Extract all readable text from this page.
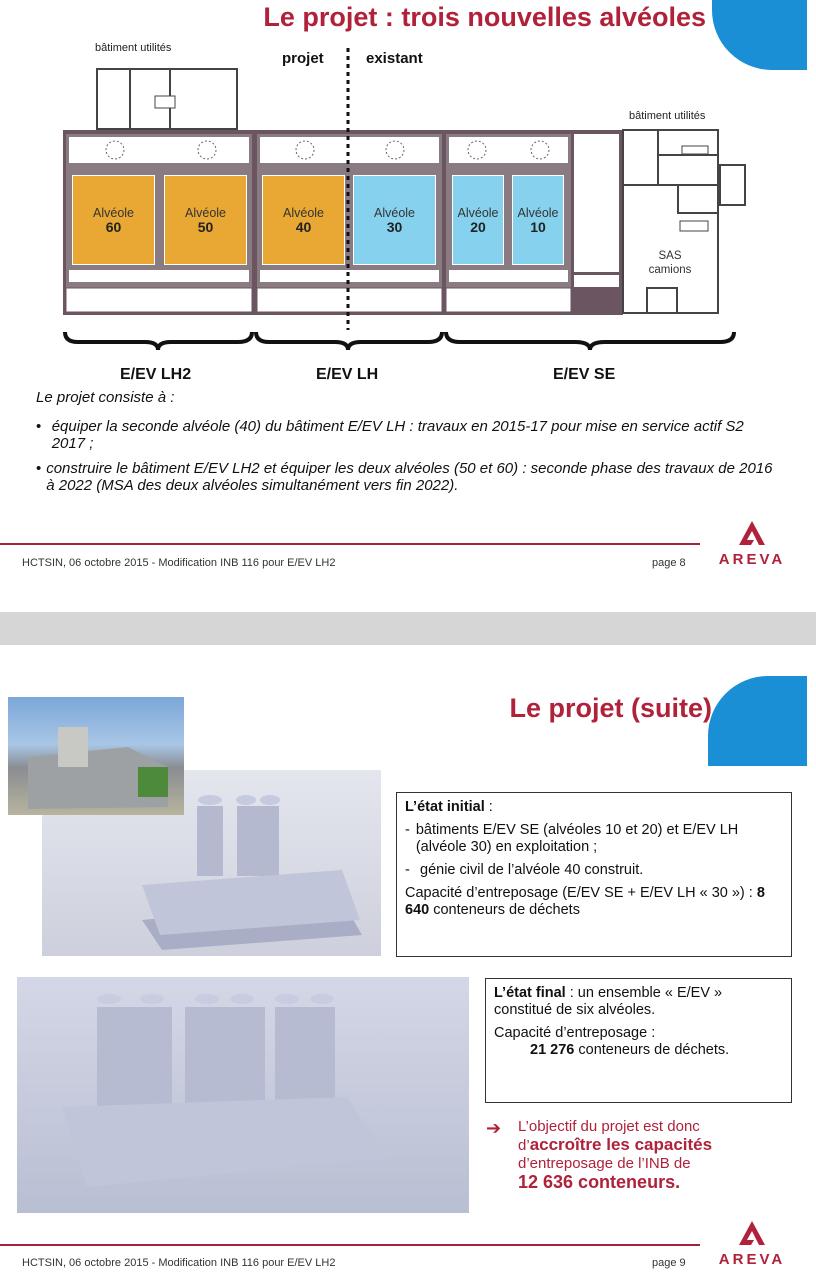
Le projet : trois nouvelles alvéoles
bâtiment utilités
bâtiment utilités
projet	existant
SAS
camions
Alvéole
60
Alvéole
50
Alvéole
40
Alvéole
30
Alvéole
20
Alvéole
10
E/EV LH2	E/EV LH	E/EV SE
Le projet consiste à :
• équiper la seconde alvéole (40) du bâtiment E/EV LH : travaux en 2015-17 pour mise en service actif S2 2017 ;
• construire le bâtiment E/EV LH2 et équiper les deux alvéoles (50 et 60) : seconde phase des travaux de 2016 à 2022 (MSA des deux alvéoles simultanément vers fin 2022).
HCTSIN, 06 octobre 2015 - Modification INB 116 pour E/EV LH2	page 8	AREVA
Le projet (suite)

L’état initial :

- bâtiments E/EV SE (alvéoles 10 et 20) et E/EV LH (alvéole 30) en exploitation ;

- génie civil de l’alvéole 40 construit.

Capacité d’entreposage (E/EV SE + E/EV LH « 30 ») : 8 640 conteneurs de déchets

L’état final : un ensemble « E/EV » constitué de six alvéoles.

Capacité d’entreposage :
21 276 conteneurs de déchets.

➔	L’objectif du projet est donc
d’accroître les capacités
d’entreposage de l’INB de
12 636 conteneurs.
HCTSIN, 06 octobre 2015 - Modification INB 116 pour E/EV LH2	page 9	AREVA
